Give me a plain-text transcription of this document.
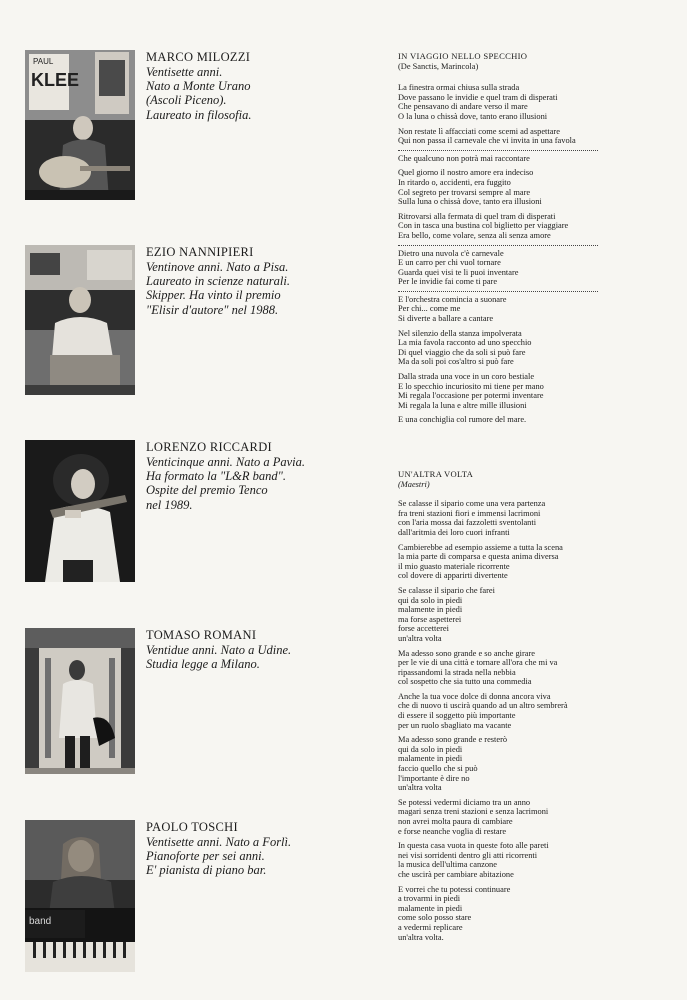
PAUL
KLEE
MARCO MILOZZI
Ventisette anni.
Nato a Monte Urano
(Ascoli Piceno).
Laureato in filosofia.
EZIO NANNIPIERI
Ventinove anni. Nato a Pisa.
Laureato in scienze naturali.
Skipper. Ha vinto il premio
"Elisir d'autore" nel 1988.
LORENZO RICCARDI
Venticinque anni. Nato a Pavia.
Ha formato la "L&R band".
Ospite del premio Tenco
nel 1989.
TOMASO ROMANI
Ventidue anni. Nato a Udine.
Studia legge a Milano.
band
PAOLO TOSCHI
Ventisette anni. Nato a Forlì.
Pianoforte per sei anni.
E' pianista di piano bar.
IN VIAGGIO NELLO SPECCHIO
(De Sanctis, Marincola)
La finestra ormai chiusa sulla strada
Dove passano le invidie e quel tram di disperati
Che pensavano di andare verso il mare
O la luna o chissà dove, tanto erano illusioni
Non restate lì affacciati come scemi ad aspettare
Qui non passa il carnevale che vi invita in una favola
Che qualcuno non potrà mai raccontare
Quel giorno il nostro amore era indeciso
In ritardo o, accidenti, era fuggito
Col segreto per trovarsi sempre al mare
Sulla luna o chissà dove, tanto era illusioni
Ritrovarsi alla fermata di quel tram di disperati
Con in tasca una bustina col biglietto per viaggiare
Era bello, come volare, senza ali senza amore
Dietro una nuvola c'è carnevale
E un carro per chi vuol tornare
Guarda quei visi te li puoi inventare
Per le invidie fai come ti pare
E l'orchestra comincia a suonare
Per chi... come me
Si diverte a ballare a cantare
Nel silenzio della stanza impolverata
La mia favola racconto ad uno specchio
Di quel viaggio che da soli si può fare
Ma da soli poi cos'altro si può fare
Dalla strada una voce in un coro bestiale
E lo specchio incuriosito mi tiene per mano
Mi regala l'occasione per potermi inventare
Mi regala la luna e altre mille illusioni
E una conchiglia col rumore del mare.
UN'ALTRA VOLTA
(Maestri)
Se calasse il sipario come una vera partenza
fra treni stazioni fiori e immensi lacrimoni
con l'aria mossa dai fazzoletti sventolanti
dall'aritmia dei loro cuori infranti
Cambierebbe ad esempio assieme a tutta la scena
la mia parte di comparsa e questa anima diversa
il mio guasto materiale ricorrente
col dovere di apparirti divertente
Se calasse il sipario che farei
qui da solo in piedi
malamente in piedi
ma forse aspetterei
forse accetterei
un'altra volta
Ma adesso sono grande e so anche girare
per le vie di una città e tornare all'ora che mi va
ripassandomi la strada nella nebbia
col sospetto che sia tutto una commedia
Anche la tua voce dolce di donna ancora viva
che di nuovo ti uscirà quando ad un altro sembrerà
di essere il soggetto più importante
per un ruolo sbagliato ma vacante
Ma adesso sono grande e resterò
qui da solo in piedi
malamente in piedi
faccio quello che si può
l'importante è dire no
un'altra volta
Se potessi vedermi diciamo tra un anno
magari senza treni stazioni e senza lacrimoni
non avrei molta paura di cambiare
e forse neanche voglia di restare
In questa casa vuota in queste foto alle pareti
nei visi sorridenti dentro gli atti ricorrenti
la musica dell'ultima canzone
che uscirà per cambiare abitazione
E vorrei che tu potessi continuare
a trovarmi in piedi
malamente in piedi
come solo posso stare
a vedermi replicare
un'altra volta.
